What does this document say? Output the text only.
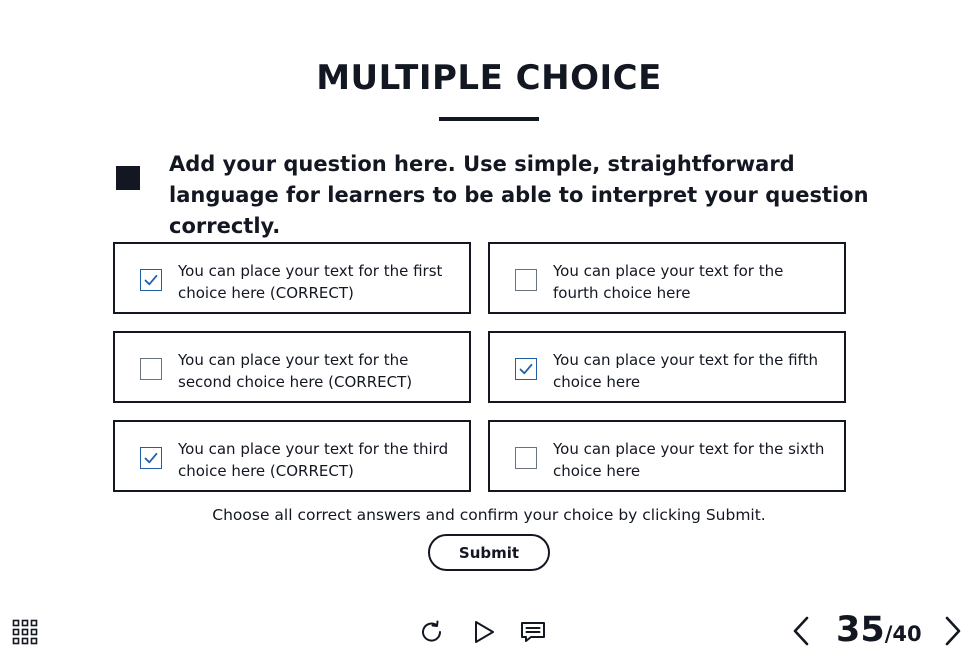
MULTIPLE CHOICE
Add your question here. Use simple, straightforward language for learners to be able to interpret your question correctly.
You can place your text for the first choice here (CORRECT)
You can place your text for the fourth choice here
You can place your text for the second choice here (CORRECT)
You can place your text for the fifth choice here
You can place your text for the third choice here (CORRECT)
You can place your text for the sixth choice here
Choose all correct answers and confirm your choice by clicking Submit.
Submit
35/40
